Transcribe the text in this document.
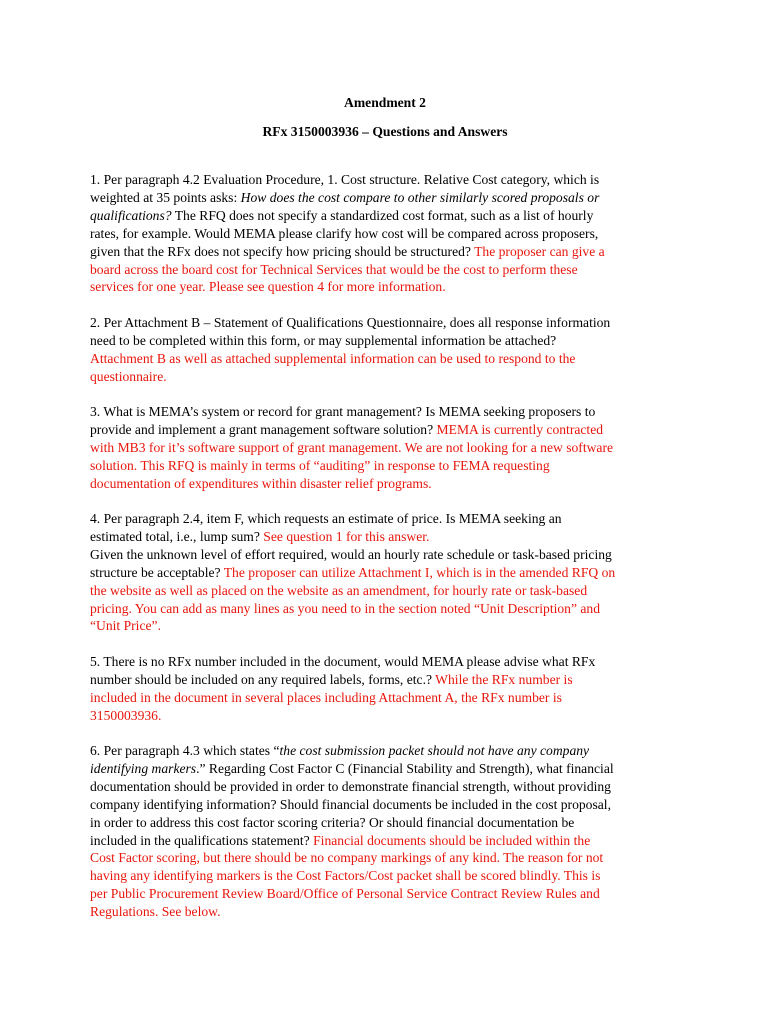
Amendment 2
RFx 3150003936 – Questions and Answers
1. Per paragraph 4.2 Evaluation Procedure, 1. Cost structure. Relative Cost category, which is
weighted at 35 points asks: How does the cost compare to other similarly scored proposals or
qualifications? The RFQ does not specify a standardized cost format, such as a list of hourly
rates, for example. Would MEMA please clarify how cost will be compared across proposers,
given that the RFx does not specify how pricing should be structured? The proposer can give a
board across the board cost for Technical Services that would be the cost to perform these
services for one year. Please see question 4 for more information.
2. Per Attachment B – Statement of Qualifications Questionnaire, does all response information
need to be completed within this form, or may supplemental information be attached?
Attachment B as well as attached supplemental information can be used to respond to the
questionnaire.
3. What is MEMA’s system or record for grant management? Is MEMA seeking proposers to
provide and implement a grant management software solution? MEMA is currently contracted
with MB3 for it’s software support of grant management. We are not looking for a new software
solution. This RFQ is mainly in terms of “auditing” in response to FEMA requesting
documentation of expenditures within disaster relief programs.
4. Per paragraph 2.4, item F, which requests an estimate of price. Is MEMA seeking an
estimated total, i.e., lump sum? See question 1 for this answer.
Given the unknown level of effort required, would an hourly rate schedule or task-based pricing
structure be acceptable? The proposer can utilize Attachment I, which is in the amended RFQ on
the website as well as placed on the website as an amendment, for hourly rate or task-based
pricing. You can add as many lines as you need to in the section noted “Unit Description” and
“Unit Price”.
5. There is no RFx number included in the document, would MEMA please advise what RFx
number should be included on any required labels, forms, etc.? While the RFx number is
included in the document in several places including Attachment A, the RFx number is
3150003936.
6. Per paragraph 4.3 which states “the cost submission packet should not have any company
identifying markers.” Regarding Cost Factor C (Financial Stability and Strength), what financial
documentation should be provided in order to demonstrate financial strength, without providing
company identifying information? Should financial documents be included in the cost proposal,
in order to address this cost factor scoring criteria? Or should financial documentation be
included in the qualifications statement? Financial documents should be included within the
Cost Factor scoring, but there should be no company markings of any kind. The reason for not
having any identifying markers is the Cost Factors/Cost packet shall be scored blindly. This is
per Public Procurement Review Board/Office of Personal Service Contract Review Rules and
Regulations. See below.
